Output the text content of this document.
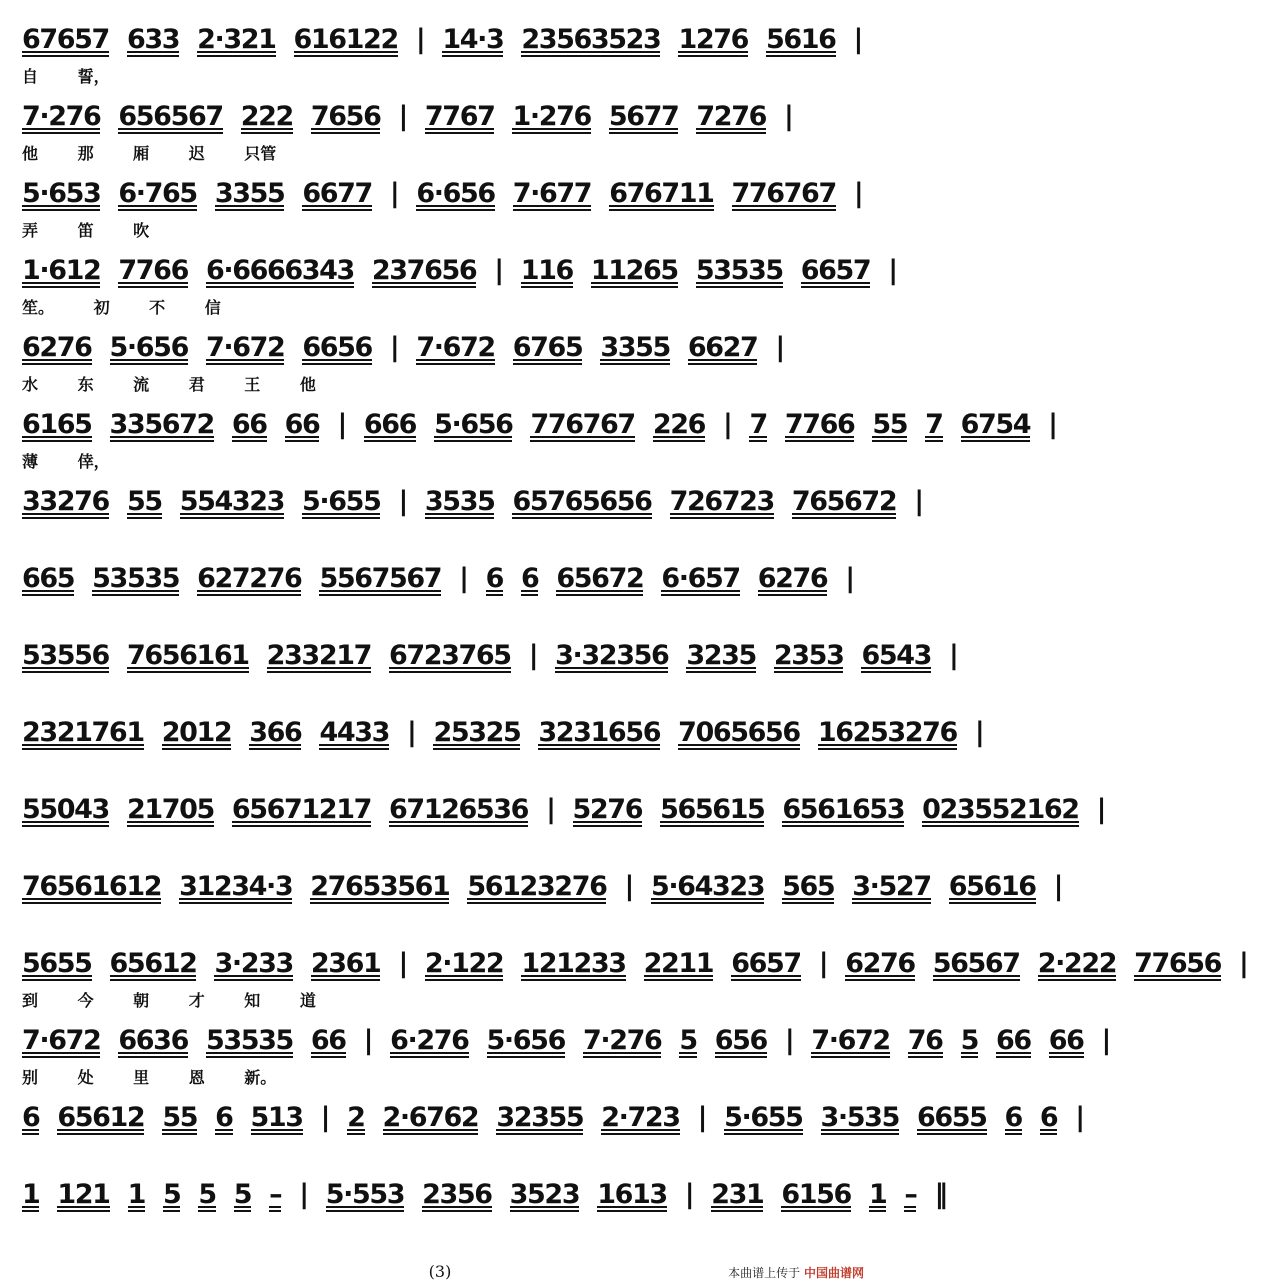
67657 633 2·321 616122 | 14·3 23563523 1276 5616 |
自 誓，
7·276 656567 222 7656 | 7767 1·276 5677 7276 |
他 那 厢 迟 只管
5·653 6·765 3355 6677 | 6·656 7·677 676711 776767 |
弄 笛 吹
1·612 7766 6·6666343 237656 | 116 11265 53535 6657 |
笙。 初 不 信
6276 5·656 7·672 6656 | 7·672 6765 3355 6627 |
水 东 流 君 王 他
6165 335672 66 66 | 666 5·656 776767 226 | 7 7766 55 7 6754 |
薄 倖，
33276 55 554323 5·655 | 3535 65765656 726723 765672 |
665 53535 627276 5567567 | 6 6 65672 6·657 6276 |
53556 7656161 233217 6723765 | 3·32356 3235 2353 6543 |
2321761 2012 366 4433 | 25325 3231656 7065656 16253276 |
55043 21705 65671217 67126536 | 5276 565615 6561653 023552162 |
76561612 31234·3 27653561 56123276 | 5·64323 565 3·527 65616 |
5655 65612 3·233 2361 | 2·122 121233 2211 6657 | 6276 56567 2·222 77656 |
到 今 朝 才 知 道
7·672 6636 53535 66 | 6·276 5·656 7·276 5 656 | 7·672 76 5 66 66 |
别 处 里 恩 新。
6 65612 55 6 513 | 2 2·6762 32355 2·723 | 5·655 3·535 6655 6 6 |
1 121 1 5 5 5 – | 5·553 2356 3523 1613 | 231 6156 1 – ‖
(3)	本曲谱上传于 中国曲谱网
